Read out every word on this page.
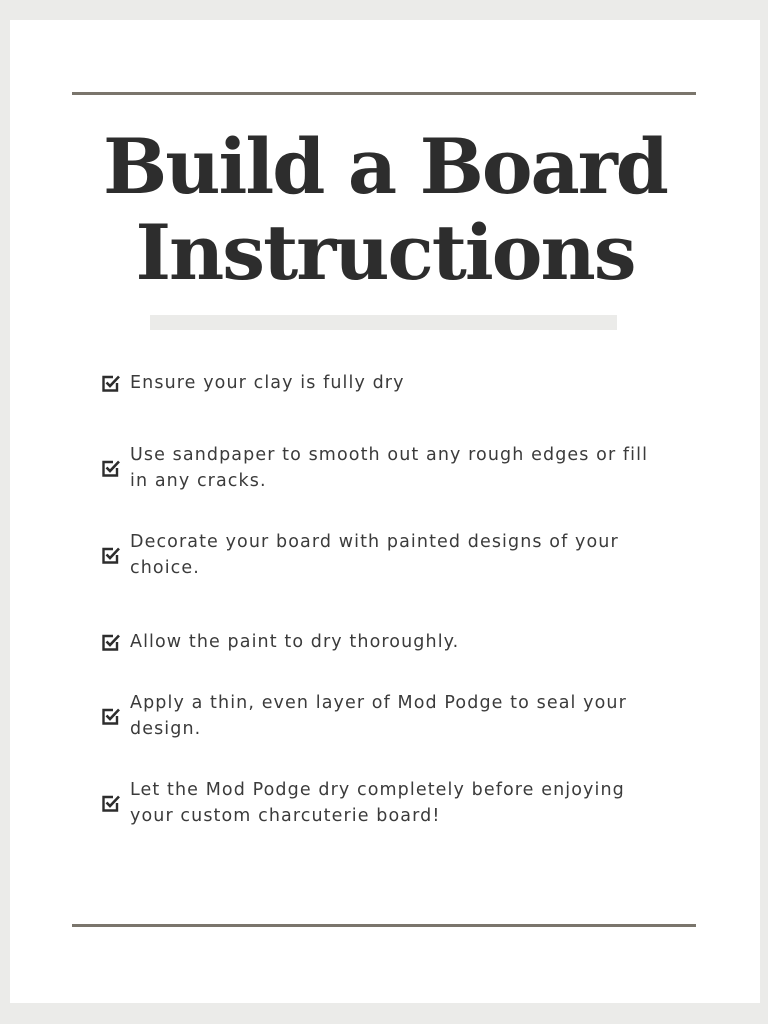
Build a Board
Instructions
Ensure your clay is fully dry
Use sandpaper to smooth out any rough edges or fill in any cracks.
Decorate your board with painted designs of your choice.
Allow the paint to dry thoroughly.
Apply a thin, even layer of Mod Podge to seal your design.
Let the Mod Podge dry completely before enjoying your custom charcuterie board!
